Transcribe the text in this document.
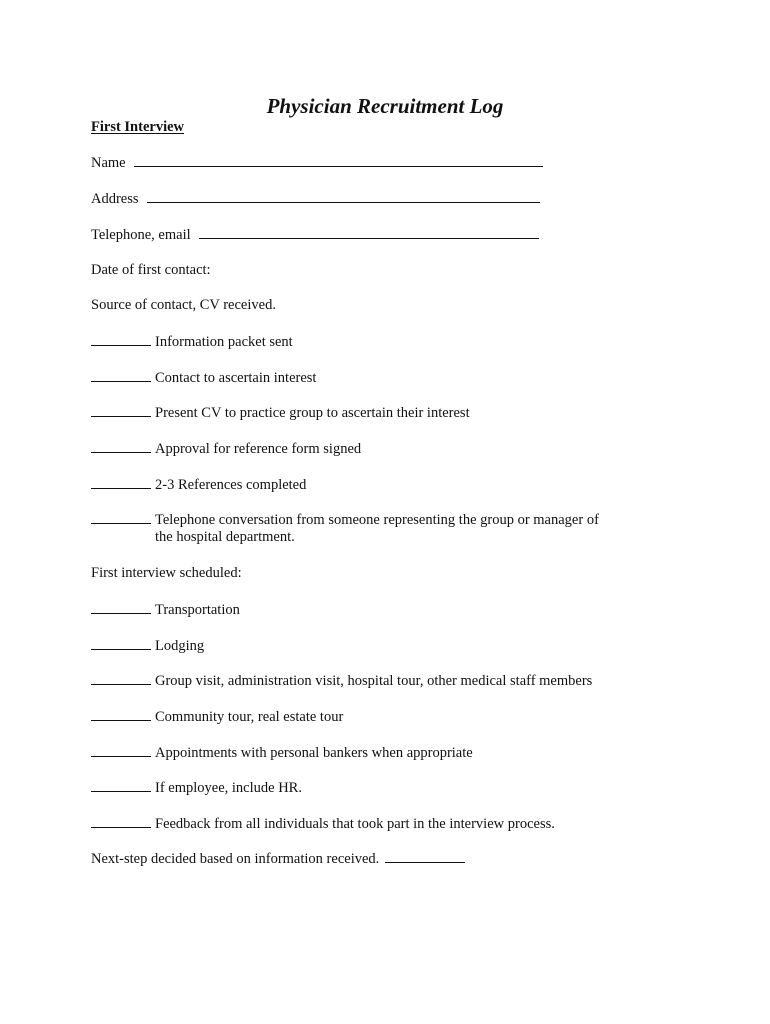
Physician Recruitment Log
First Interview
Name
Address
Telephone, email
Date of first contact:
Source of contact, CV received.
Information packet sent
Contact to ascertain interest
Present CV to practice group to ascertain their interest
Approval for reference form signed
2-3 References completed
Telephone conversation from someone representing the group or manager of
the hospital department.
First interview scheduled:
Transportation
Lodging
Group visit, administration visit, hospital tour, other medical staff members
Community tour, real estate tour
Appointments with personal bankers when appropriate
If employee, include HR.
Feedback from all individuals that took part in the interview process.
Next-step decided based on information received.
